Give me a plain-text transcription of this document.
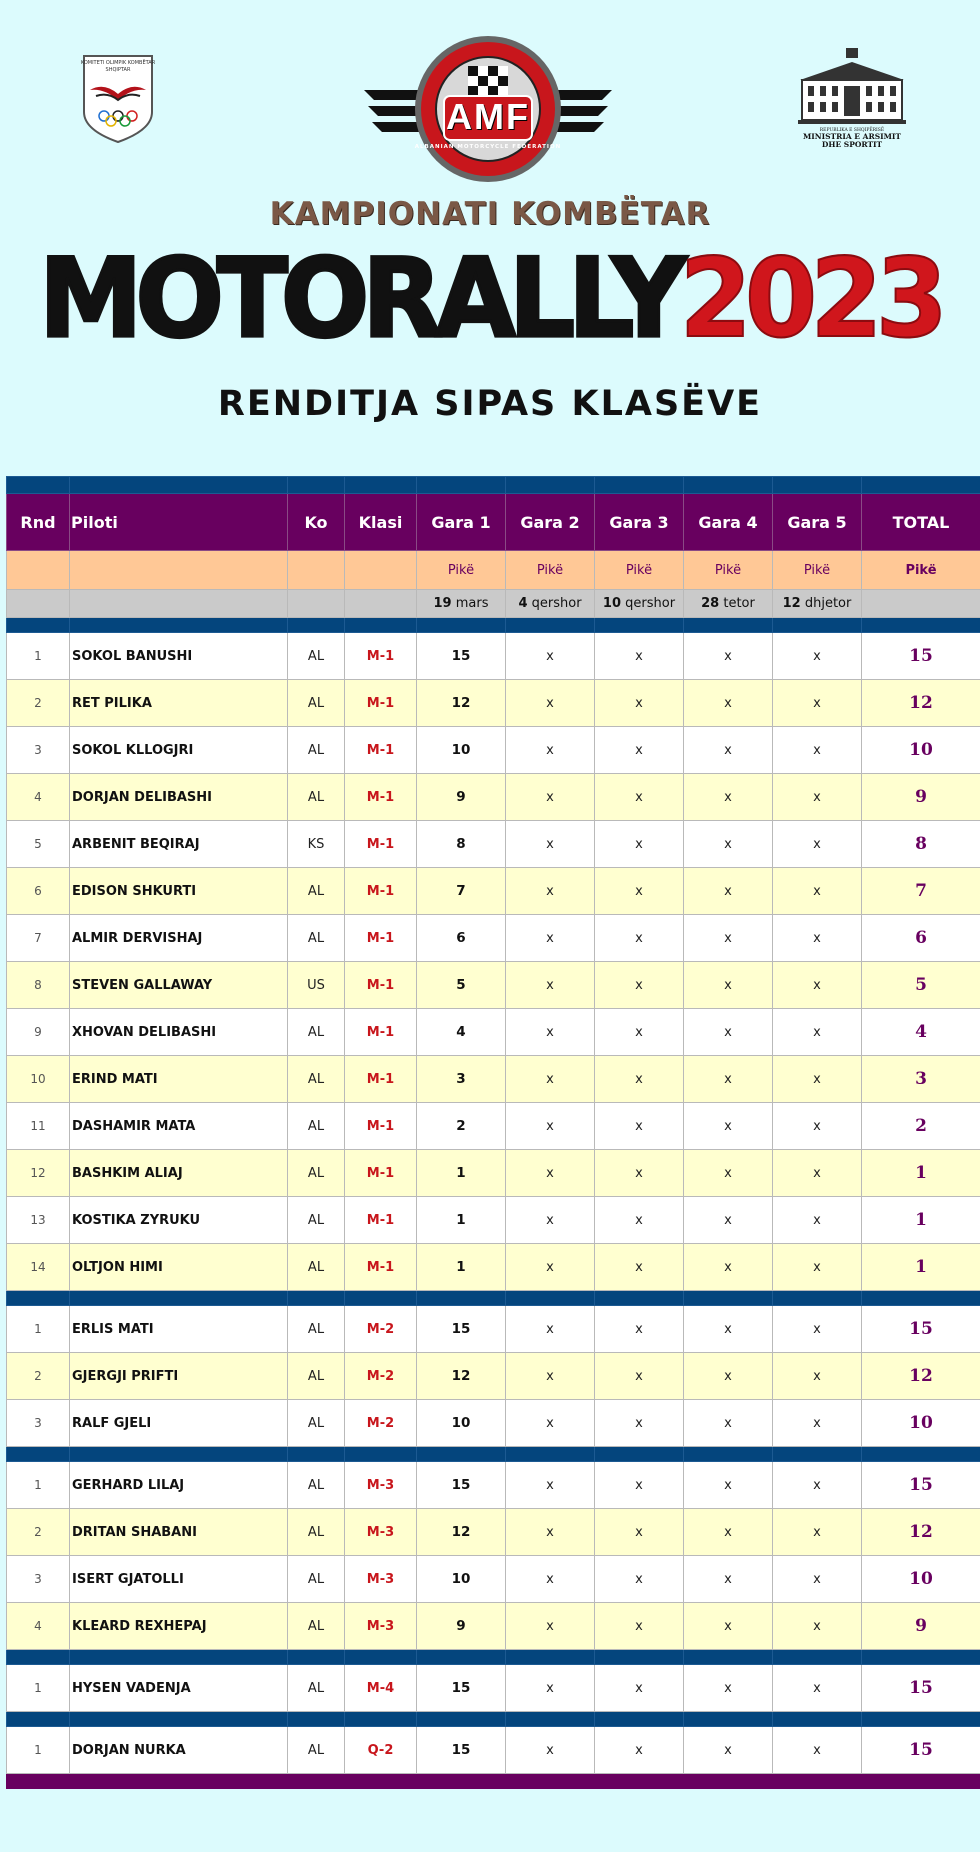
KOMITETI OLIMPIK KOMBËTAR SHQIPTAR
AMF
ALBANIAN MOTORCYCLE FEDERATION
REPUBLIKA E SHQIPËRISË
MINISTRIA E ARSIMIT DHE SPORTIT
KAMPIONATI KOMBËTAR
MOTORALLY2023
RENDITJA SIPAS KLASËVE

Rnd	Piloti	Ko	Klasi	Gara 1	Gara 2	Gara 3	Gara 4	Gara 5	TOTAL
				Pikë	Pikë	Pikë	Pikë	Pikë	Pikë
				19 mars	4 qershor	10 qershor	28 tetor	12 dhjetor	

1	SOKOL BANUSHI	AL	M-1	15	x	x	x	x	15
2	RET PILIKA	AL	M-1	12	x	x	x	x	12
3	SOKOL KLLOGJRI	AL	M-1	10	x	x	x	x	10
4	DORJAN DELIBASHI	AL	M-1	9	x	x	x	x	9
5	ARBENIT BEQIRAJ	KS	M-1	8	x	x	x	x	8
6	EDISON SHKURTI	AL	M-1	7	x	x	x	x	7
7	ALMIR DERVISHAJ	AL	M-1	6	x	x	x	x	6
8	STEVEN GALLAWAY	US	M-1	5	x	x	x	x	5
9	XHOVAN DELIBASHI	AL	M-1	4	x	x	x	x	4
10	ERIND MATI	AL	M-1	3	x	x	x	x	3
11	DASHAMIR MATA	AL	M-1	2	x	x	x	x	2
12	BASHKIM ALIAJ	AL	M-1	1	x	x	x	x	1
13	KOSTIKA ZYRUKU	AL	M-1	1	x	x	x	x	1
14	OLTJON HIMI	AL	M-1	1	x	x	x	x	1

1	ERLIS MATI	AL	M-2	15	x	x	x	x	15
2	GJERGJI PRIFTI	AL	M-2	12	x	x	x	x	12
3	RALF GJELI	AL	M-2	10	x	x	x	x	10

1	GERHARD LILAJ	AL	M-3	15	x	x	x	x	15
2	DRITAN SHABANI	AL	M-3	12	x	x	x	x	12
3	ISERT GJATOLLI	AL	M-3	10	x	x	x	x	10
4	KLEARD REXHEPAJ	AL	M-3	9	x	x	x	x	9

1	HYSEN VADENJA	AL	M-4	15	x	x	x	x	15

1	DORJAN NURKA	AL	Q-2	15	x	x	x	x	15
